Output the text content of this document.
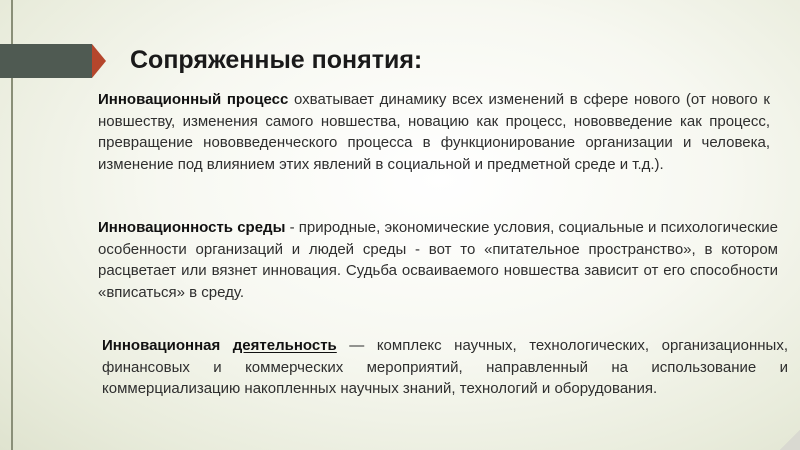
Сопряженные понятия:

Инновационный процесс охватывает динамику всех изменений в сфере нового (от нового к новшеству, изменения самого новшества, новацию как процесс, нововведение как процесс, превращение нововведенческого процесса в функционирование организации и человека, изменение под влиянием этих явлений в социальной и предметной среде и т.д.).

Инновационность среды - природные, экономические условия, социальные и психологические особенности организаций и людей среды - вот то «питательное пространство», в котором расцветает или вязнет инновация. Судьба осваиваемого новшества зависит от его способности «вписаться» в среду.

Инновационная деятельность — комплекс научных, технологических, организационных, финансовых и коммерческих мероприятий, направленный на использование и коммерциализацию накопленных научных знаний, технологий и оборудования.
